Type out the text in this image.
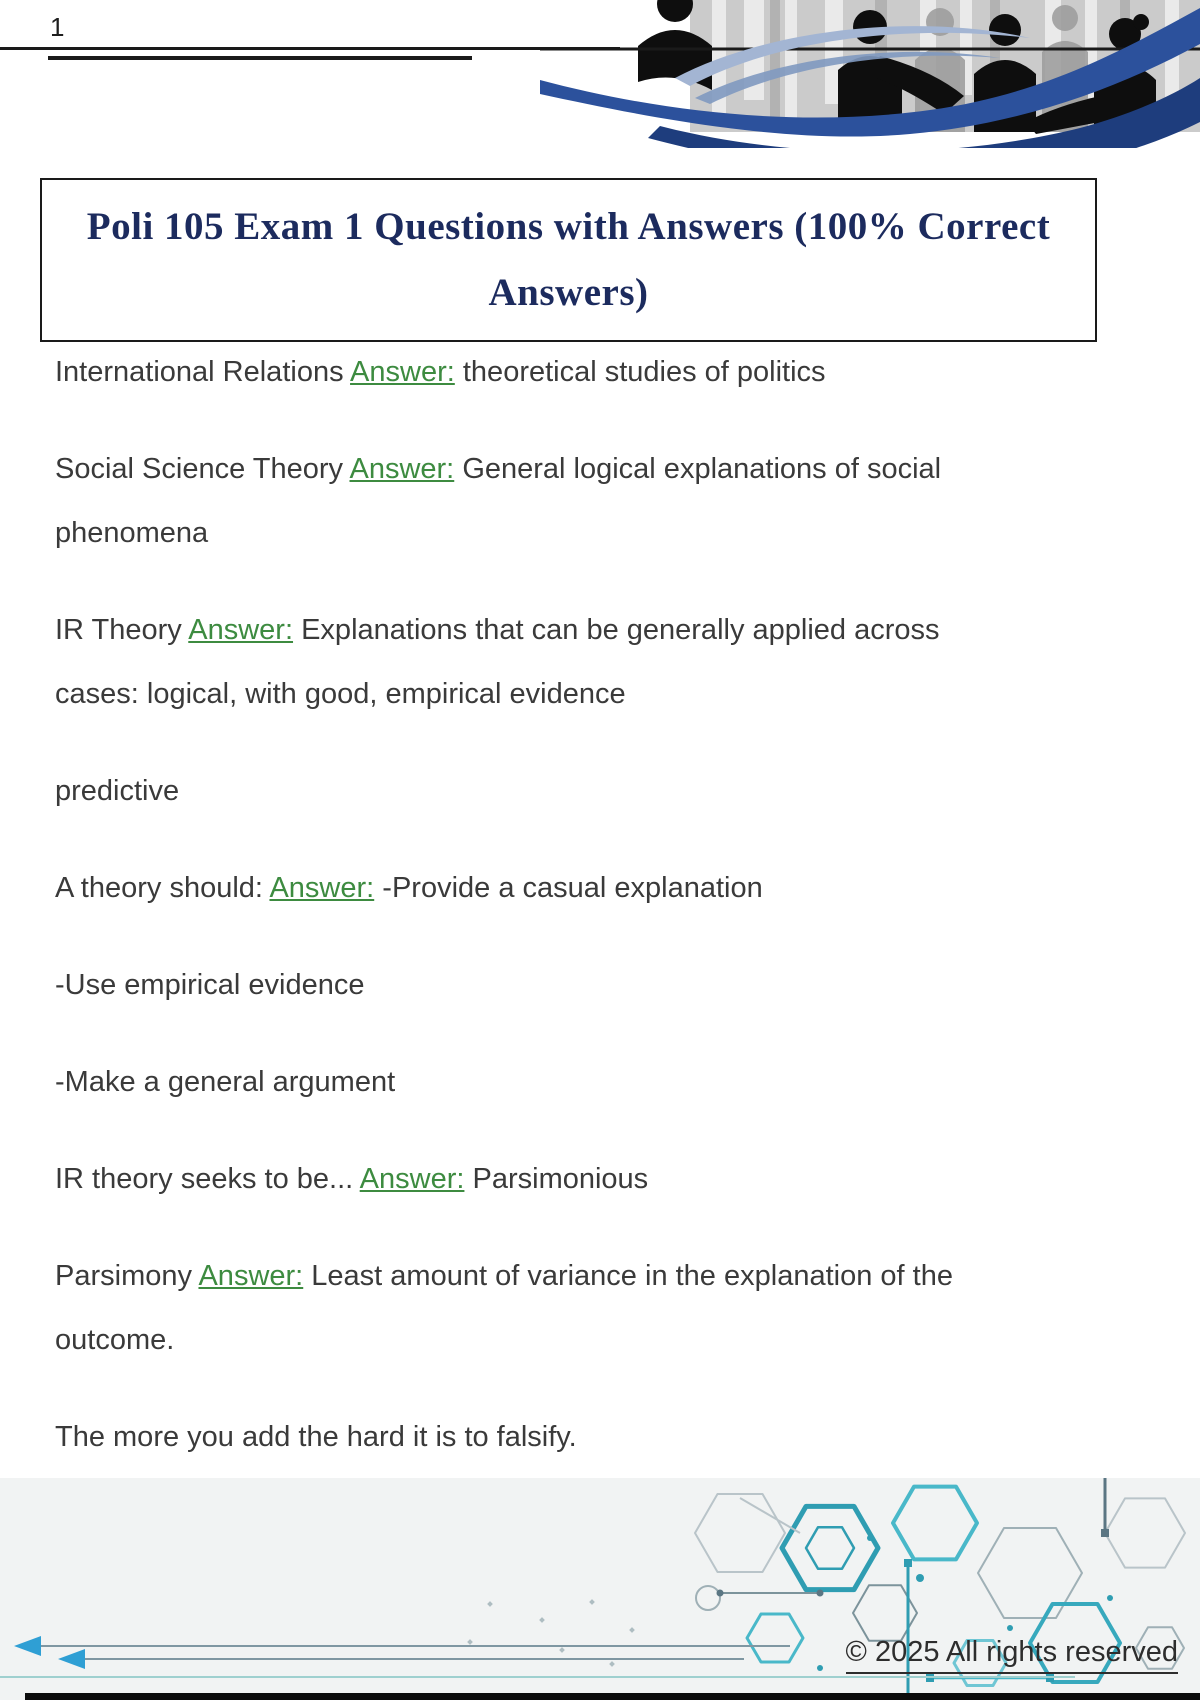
1
Poli 105 Exam 1 Questions with Answers (100% Correct Answers)

International Relations Answer: theoretical studies of politics

Social Science Theory Answer: General logical explanations of social phenomena

IR Theory Answer: Explanations that can be generally applied across cases: logical, with good, empirical evidence

predictive

A theory should: Answer: -Provide a casual explanation

-Use empirical evidence

-Make a general argument

IR theory seeks to be... Answer: Parsimonious

Parsimony Answer: Least amount of variance in the explanation of the outcome.

The more you add the hard it is to falsify.

© 2025 All rights reserved
